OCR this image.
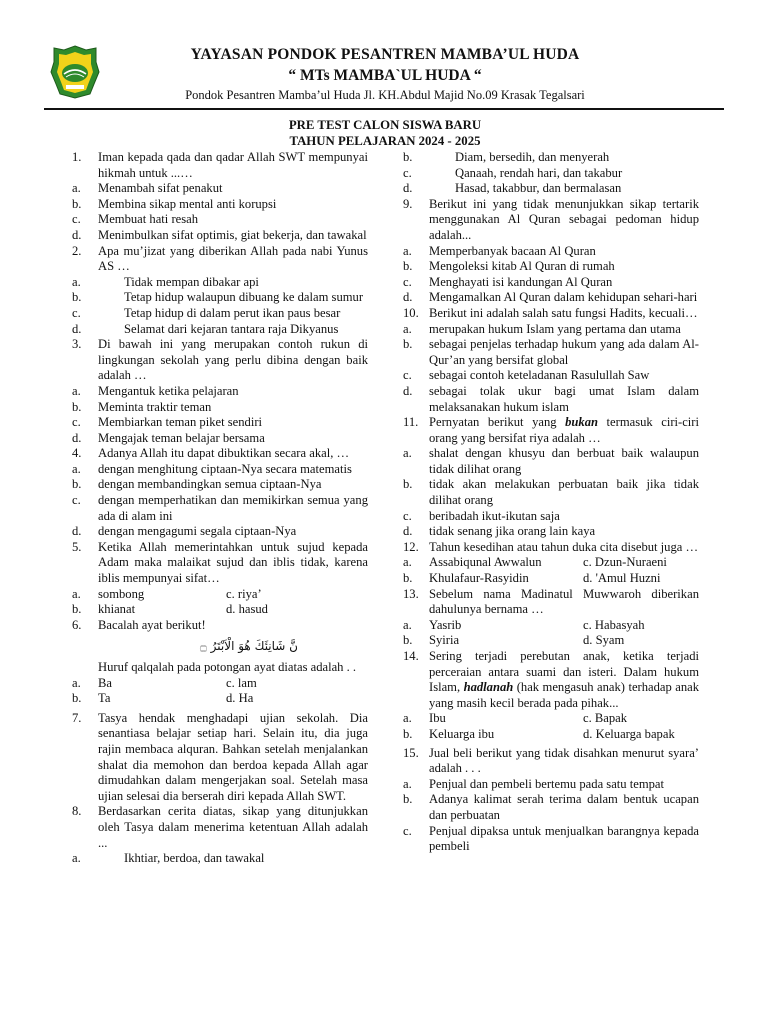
YAYASAN PONDOK PESANTREN MAMBA’UL HUDA
“ MTs MAMBA`UL HUDA “
Pondok Pesantren Mamba’ul Huda Jl. KH.Abdul Majid No.09 Krasak Tegalsari
PRE TEST CALON SISWA BARU
TAHUN PELAJARAN 2024 - 2025
1.	Iman kepada qada dan qadar Allah SWT mempunyai hikmah untuk ...…
a.	Menambah sifat penakut
b.	Membina sikap mental anti korupsi
c.	Membuat hati resah
d.	Menimbulkan sifat optimis, giat bekerja, dan tawakal
2.	Apa mu’jizat yang diberikan Allah pada nabi Yunus AS …
a.	Tidak mempan dibakar api
b.	Tetap hidup walaupun dibuang ke dalam sumur
c.	Tetap hidup di dalam perut ikan paus besar
d.	Selamat dari kejaran tantara raja Dikyanus
3.	Di bawah ini yang merupakan contoh rukun di lingkungan sekolah yang perlu dibina dengan baik adalah …
a.	Mengantuk ketika pelajaran
b.	Meminta traktir teman
c.	Membiarkan teman piket sendiri
d.	Mengajak teman belajar bersama
4.	Adanya Allah itu dapat dibuktikan secara akal, …
a.	dengan menghitung ciptaan-Nya secara matematis
b.	dengan membandingkan semua ciptaan-Nya
c.	dengan memperhatikan dan memikirkan semua yang ada di alam ini
d.	dengan mengagumi segala ciptaan-Nya
5.	Ketika Allah memerintahkan untuk sujud kepada Adam maka malaikat sujud dan iblis tidak, karena iblis mempunyai sifat…
a. sombong	c. riya’
b. khianat	d. hasud
6.	Bacalah ayat berikut!
نَّ شَانِئَكَ هُوَ الْاَبْتَرُ ۝
Huruf qalqalah pada potongan ayat diatas adalah . .
a. Ba	c. lam
b. Ta	d. Ha
7.	Tasya hendak menghadapi ujian sekolah. Dia senantiasa belajar setiap hari. Selain itu, dia juga rajin membaca alquran. Bahkan setelah menjalankan shalat dia memohon dan berdoa kepada Allah agar dimudahkan dalam mengerjakan soal. Setelah masa ujian selesai dia berserah diri kepada Allah SWT.
8.	Berdasarkan cerita diatas, sikap yang ditunjukkan oleh Tasya dalam menerima ketentuan Allah adalah ...
a.	Ikhtiar, berdoa, dan tawakal
b.	Diam, bersedih, dan menyerah
c.	Qanaah, rendah hari, dan takabur
d.	Hasad, takabbur, dan bermalasan
9.	Berikut ini yang tidak menunjukkan sikap tertarik menggunakan Al Quran sebagai pedoman hidup adalah...
a.	Memperbanyak bacaan Al Quran
b.	Mengoleksi kitab Al Quran di rumah
c.	Menghayati isi kandungan Al Quran
d.	Mengamalkan Al Quran dalam kehidupan sehari-hari
10. Berikut ini adalah salah satu fungsi Hadits, kecuali…
a.	merupakan hukum Islam yang pertama dan utama
b.	sebagai penjelas terhadap hukum yang ada dalam Al-Qur’an yang bersifat global
c.	sebagai contoh keteladanan Rasulullah Saw
d.	sebagai tolak ukur bagi umat Islam dalam melaksanakan hukum islam
11. Pernyatan berikut yang bukan termasuk ciri-ciri orang yang bersifat riya adalah …
a.	shalat dengan khusyu dan berbuat baik walaupun tidak dilihat orang
b.	tidak akan melakukan perbuatan baik jika tidak dilihat orang
c.	beribadah ikut-ikutan saja
d.	tidak senang jika orang lain kaya
12. Tahun kesedihan atau tahun duka cita disebut juga …
a. Assabiqunal Awwalun	c. Dzun-Nuraeni
b. Khulafaur-Rasyidin	d. 'Amul Huzni
13. Sebelum nama Madinatul Muwwaroh diberikan dahulunya bernama …
a. Yasrib	c. Habasyah
b. Syiria	d. Syam
14. Sering terjadi perebutan anak, ketika terjadi perceraian antara suami dan isteri. Dalam hukum Islam, hadlanah (hak mengasuh anak) terhadap anak yang masih kecil berada pada pihak...
a. Ibu	c. Bapak
b. Keluarga ibu	d. Keluarga bapak
15. Jual beli berikut yang tidak disahkan menurut syara’ adalah . . .
a.	Penjual dan pembeli bertemu pada satu tempat
b.	Adanya kalimat serah terima dalam bentuk ucapan dan perbuatan
c.	Penjual dipaksa untuk menjualkan barangnya kepada pembeli
